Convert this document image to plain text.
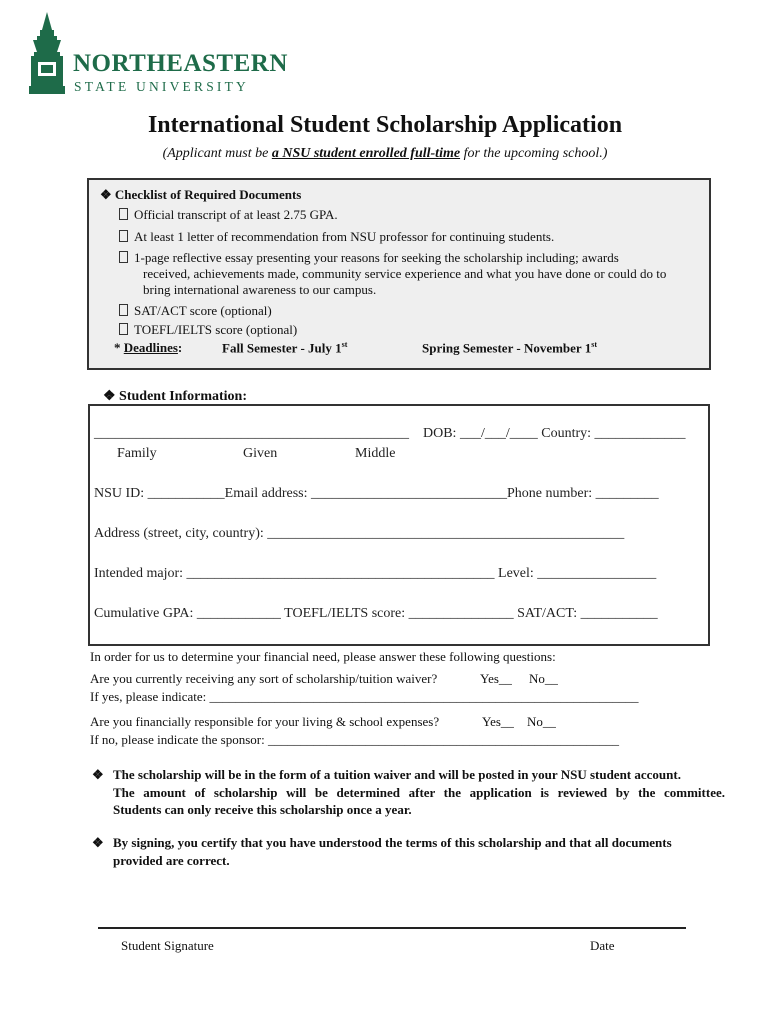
NORTHEASTERN
STATE UNIVERSITY
International Student Scholarship Application
(Applicant must be a NSU student enrolled full-time for the upcoming school.)
❖ Checklist of Required Documents
Official transcript of at least 2.75 GPA.
At least 1 letter of recommendation from NSU professor for continuing students.
1-page reflective essay presenting your reasons for seeking the scholarship including; awards
received, achievements made, community service experience and what you have done or could do to
bring international awareness to our campus.
SAT/ACT score (optional)
TOEFL/IELTS score (optional)
* Deadlines:	Fall Semester - July 1st	Spring Semester - November 1st
❖ Student Information:
_____________________________________________ DOB: ___/___/____ Country: _____________
Family	Given	Middle
NSU ID: ___________Email address: ____________________________Phone number: _________
Address (street, city, country): ___________________________________________________
Intended major: ____________________________________________ Level: _________________
Cumulative GPA: ____________ TOEFL/IELTS score: _______________ SAT/ACT: ___________
In order for us to determine your financial need, please answer these following questions:
Are you currently receiving any sort of scholarship/tuition waiver?	Yes__ No__
If yes, please indicate: __________________________________________________________________
Are you financially responsible for your living & school expenses?	Yes__ No__
If no, please indicate the sponsor: ______________________________________________________
❖ The scholarship will be in the form of a tuition waiver and will be posted in your NSU student account.
The amount of scholarship will be determined after the application is reviewed by the committee.
Students can only receive this scholarship once a year.
❖ By signing, you certify that you have understood the terms of this scholarship and that all documents
provided are correct.
Student Signature	Date
